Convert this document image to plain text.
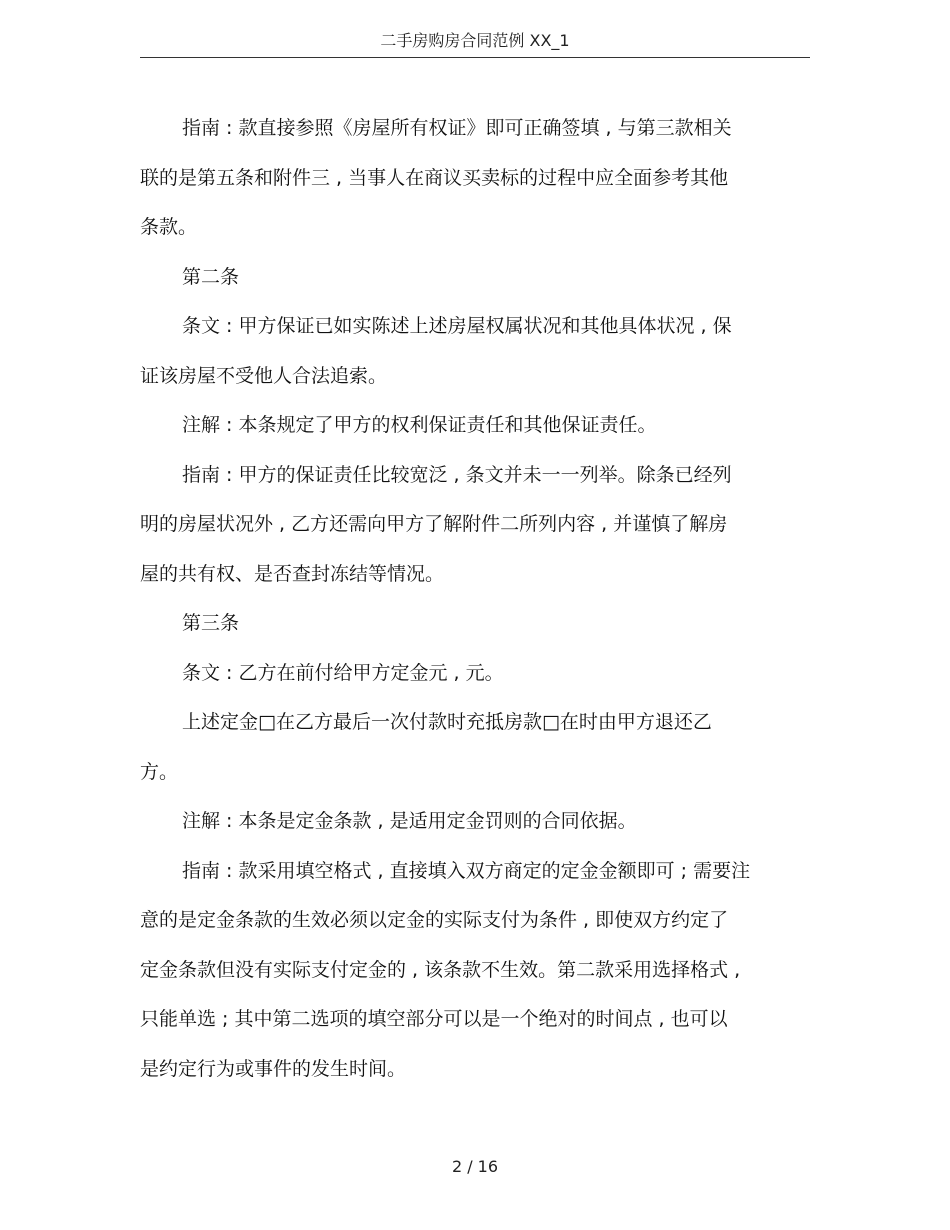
二手房购房合同范例 XX_1
指南 : 款直接参照《房屋所有权证》即可正确签填 , 与第三款相关
联的是第五条和附件三 , 当事人在商议买卖标的过程中应全面参考其他
条款。
第二条
条文 : 甲方保证已如实陈述上述房屋权属状况和其他具体状况 , 保
证该房屋不受他人合法追索。
注解 : 本条规定了甲方的权利保证责任和其他保证责任。
指南 : 甲方的保证责任比较宽泛 , 条文并未一一列举。除条已经列
明的房屋状况外 , 乙方还需向甲方了解附件二所列内容 , 并谨慎了解房
屋的共有权、是否查封冻结等情况。
第三条
条文 : 乙方在前付给甲方定金元 , 元。
上述定金□在乙方最后一次付款时充抵房款□在时由甲方退还乙
方。
注解 : 本条是定金条款 , 是适用定金罚则的合同依据。
指南 : 款采用填空格式 , 直接填入双方商定的定金金额即可 ; 需要注
意的是定金条款的生效必须以定金的实际支付为条件 , 即使双方约定了
定金条款但没有实际支付定金的 , 该条款不生效。第二款采用选择格式 ,
只能单选 ; 其中第二选项的填空部分可以是一个绝对的时间点 , 也可以
是约定行为或事件的发生时间。
2 / 16
